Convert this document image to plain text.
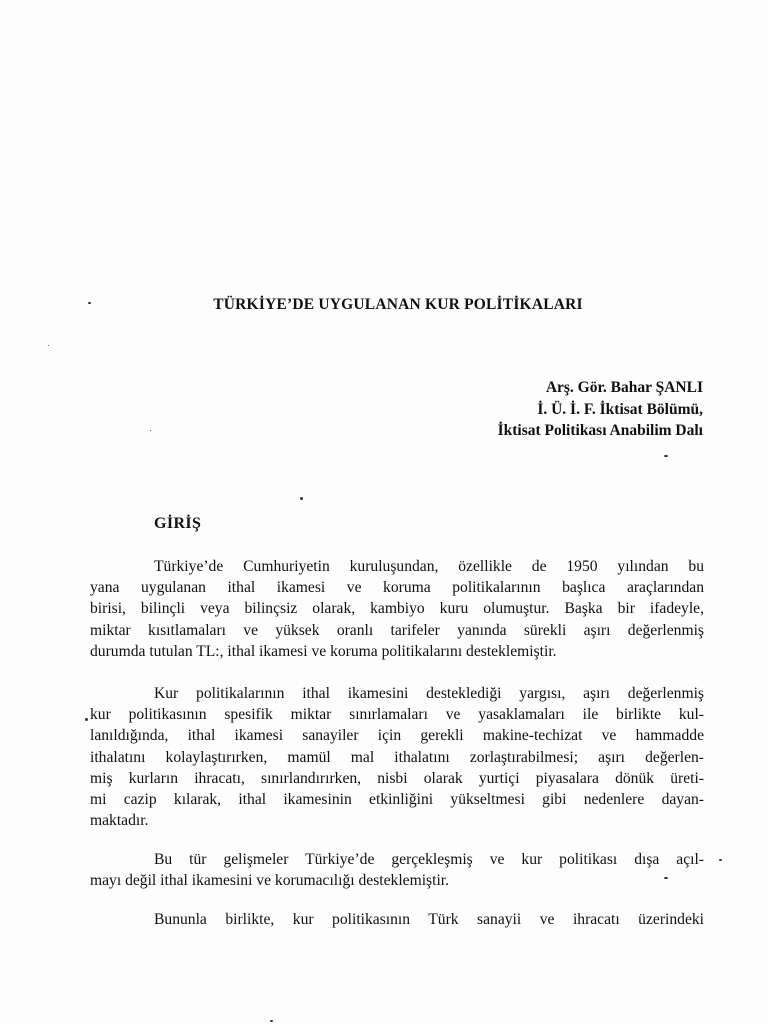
TÜRKİYE’DE UYGULANAN KUR POLİTİKALARI
Arş. Gör. Bahar ŞANLI
İ. Ü. İ. F. İktisat Bölümü,
İktisat Politikası Anabilim Dalı
GİRİŞ

Türkiye’de Cumhuriyetin kuruluşundan, özellikle de 1950 yılından bu
yana uygulanan ithal ikamesi ve koruma politikalarının başlıca araçlarından
birisi, bilinçli veya bilinçsiz olarak, kambiyo kuru olumuştur. Başka bir ifadeyle,
miktar kısıtlamaları ve yüksek oranlı tarifeler yanında sürekli aşırı değerlenmiş
durumda tutulan TL:, ithal ikamesi ve koruma politikalarını desteklemiştir.

Kur politikalarının ithal ikamesini desteklediği yargısı, aşırı değerlenmiş
kur politikasının spesifik miktar sınırlamaları ve yasaklamaları ile birlikte kul-
lanıldığında, ithal ikamesi sanayiler için gerekli makine-techizat ve hammadde
ithalatını kolaylaştırırken, mamül mal ithalatını zorlaştırabilmesi; aşırı değerlen-
miş kurların ihracatı, sınırlandırırken, nisbi olarak yurtiçi piyasalara dönük üreti-
mi cazip kılarak, ithal ikamesinin etkinliğini yükseltmesi gibi nedenlere dayan-
maktadır.

Bu tür gelişmeler Türkiye’de gerçekleşmiş ve kur politikası dışa açıl-
mayı değil ithal ikamesini ve korumacılığı desteklemiştir.

Bununla birlikte, kur politikasının Türk sanayii ve ihracatı üzerindeki
